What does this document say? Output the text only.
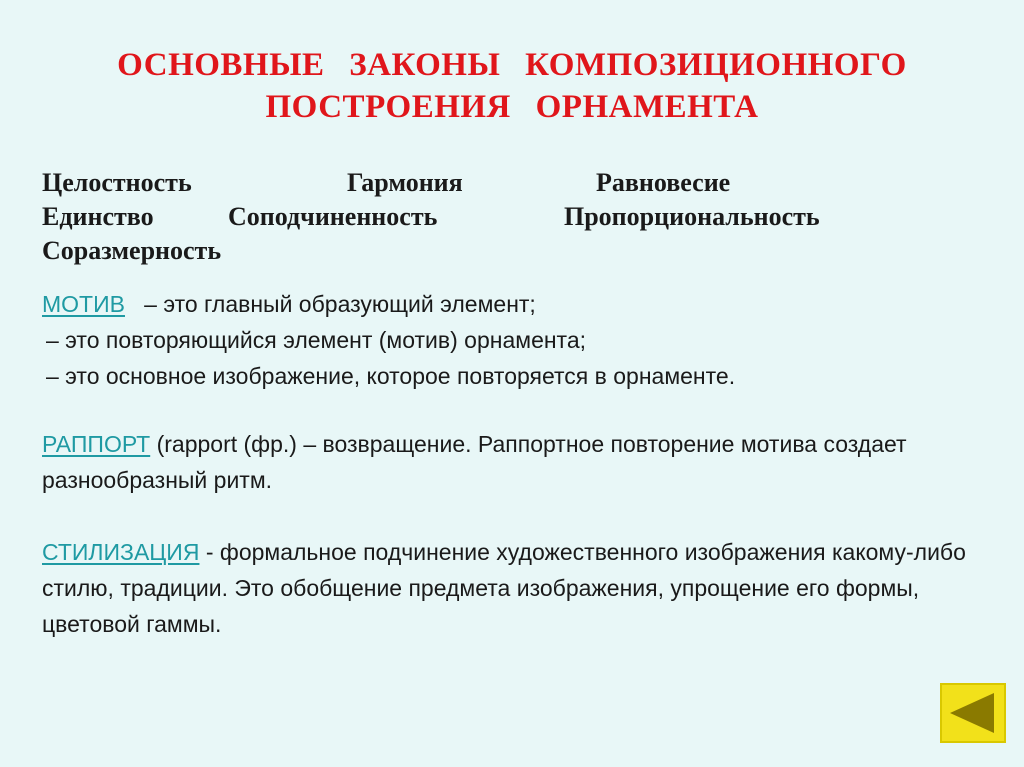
ОСНОВНЫЕ ЗАКОНЫ КОМПОЗИЦИОННОГО
ПОСТРОЕНИЯ ОРНАМЕНТА
Целостность	Гармония	Равновесие
Единство	Соподчиненность	Пропорциональность
Соразмерность
МОТИВ – это главный образующий элемент;
– это повторяющийся элемент (мотив) орнамента;
– это основное изображение, которое повторяется в орнаменте.
РАППОРТ (rapport (фр.) – возвращение. Раппортное повторение мотива создает разнообразный ритм.
СТИЛИЗАЦИЯ - формальное подчинение художественного изображения какому-либо стилю, традиции. Это обобщение предмета изображения, упрощение его формы, цветовой гаммы.
